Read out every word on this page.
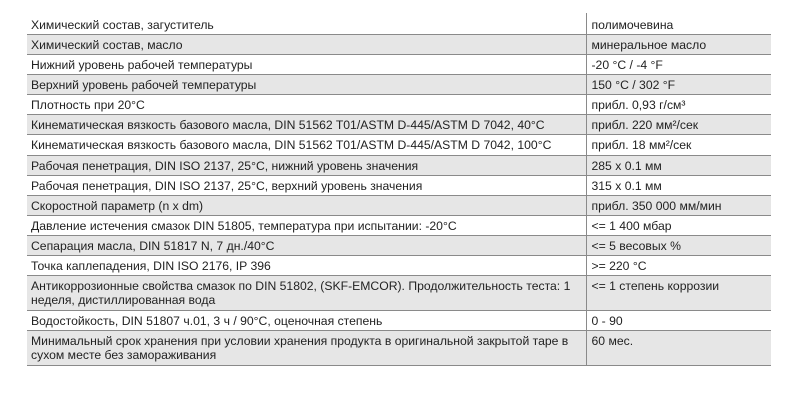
Химический состав, загуститель	полимочевина
Химический состав, масло	минеральное масло
Нижний уровень рабочей температуры	-20 °C / -4 °F
Верхний уровень рабочей температуры	150 °C / 302 °F
Плотность при 20°С	прибл. 0,93 г/см³
Кинематическая вязкость базового масла, DIN 51562 T01/ASTM D-445/ASTM D 7042, 40°C	прибл. 220 мм²/сек
Кинематическая вязкость базового масла, DIN 51562 T01/ASTM D-445/ASTM D 7042, 100°C	прибл. 18 мм²/сек
Рабочая пенетрация, DIN ISO 2137, 25°C, нижний уровень значения	285 x 0.1 мм
Рабочая пенетрация, DIN ISO 2137, 25°C, верхний уровень значения	315 x 0.1 мм
Скоростной параметр (n x dm)	прибл. 350 000 мм/мин
Давление истечения смазок DIN 51805, температура при испытании: -20°C	<= 1 400 мбар
Сепарация масла, DIN 51817 N, 7 дн./40°C	<= 5 весовых %
Точка каплепадения, DIN ISO 2176, IP 396	>= 220 °C
Антикоррозионные свойства смазок по DIN 51802, (SKF-EMCOR). Продолжительность теста: 1 неделя, дистиллированная вода	<= 1 степень коррозии
Водостойкость, DIN 51807 ч.01, 3 ч / 90°C, оценочная степень	0 - 90
Минимальный срок хранения при условии хранения продукта в оригинальной закрытой таре в сухом месте без замораживания	60 мес.
